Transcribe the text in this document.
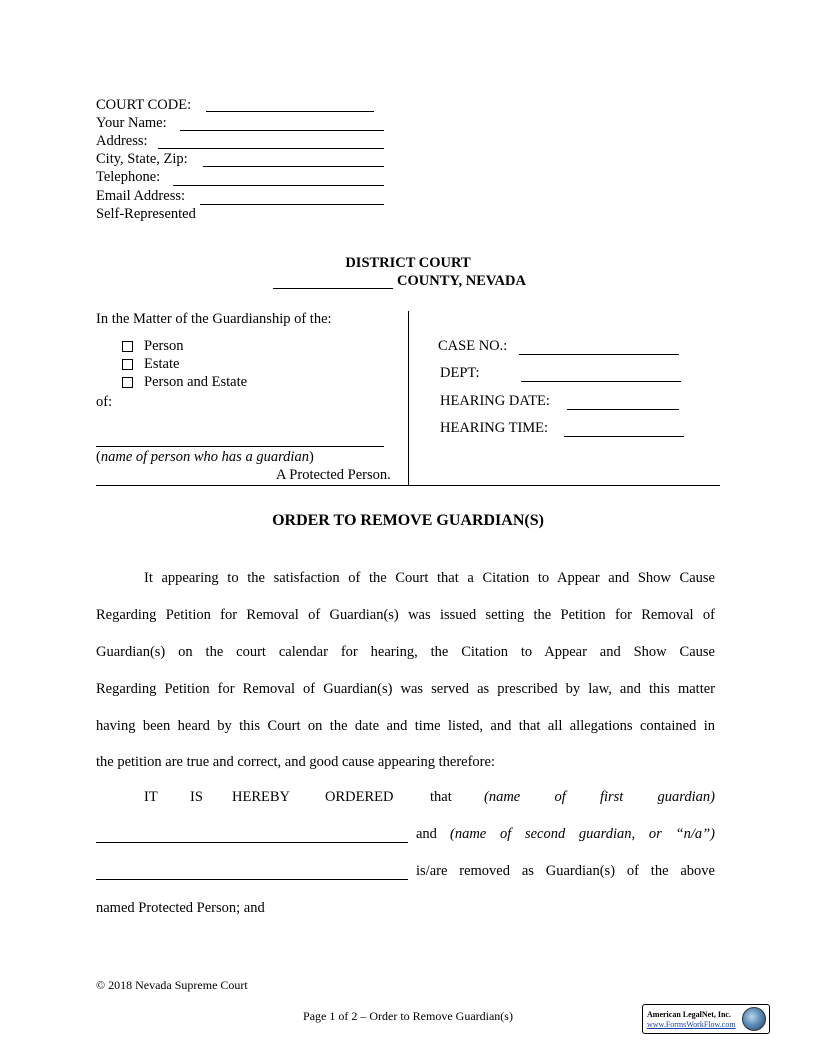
COURT CODE:
Your Name:
Address:
City, State, Zip:
Telephone:
Email Address:
Self-Represented
DISTRICT COURT
COUNTY, NEVADA
In the Matter of the Guardianship of the:
Person
Estate
Person and Estate
of:
(name of person who has a guardian)
A Protected Person.
CASE NO.:
DEPT:
HEARING DATE:
HEARING TIME:
ORDER TO REMOVE GUARDIAN(S)
It appearing to the satisfaction of the Court that a Citation to Appear and Show Cause
Regarding Petition for Removal of Guardian(s) was issued setting the Petition for Removal of
Guardian(s) on the court calendar for hearing, the Citation to Appear and Show Cause
Regarding Petition for Removal of Guardian(s) was served as prescribed by law, and this matter
having been heard by this Court on the date and time listed, and that all allegations contained in
the petition are true and correct, and good cause appearing therefore:
IT IS HEREBY ORDERED	that (name of first guardian)
and (name of second guardian, or “n/a”)
is/are removed as Guardian(s) of the above
named Protected Person; and
© 2018 Nevada Supreme Court
Page 1 of 2 – Order to Remove Guardian(s)	American LegalNet, Inc.
www.FormsWorkFlow.com
